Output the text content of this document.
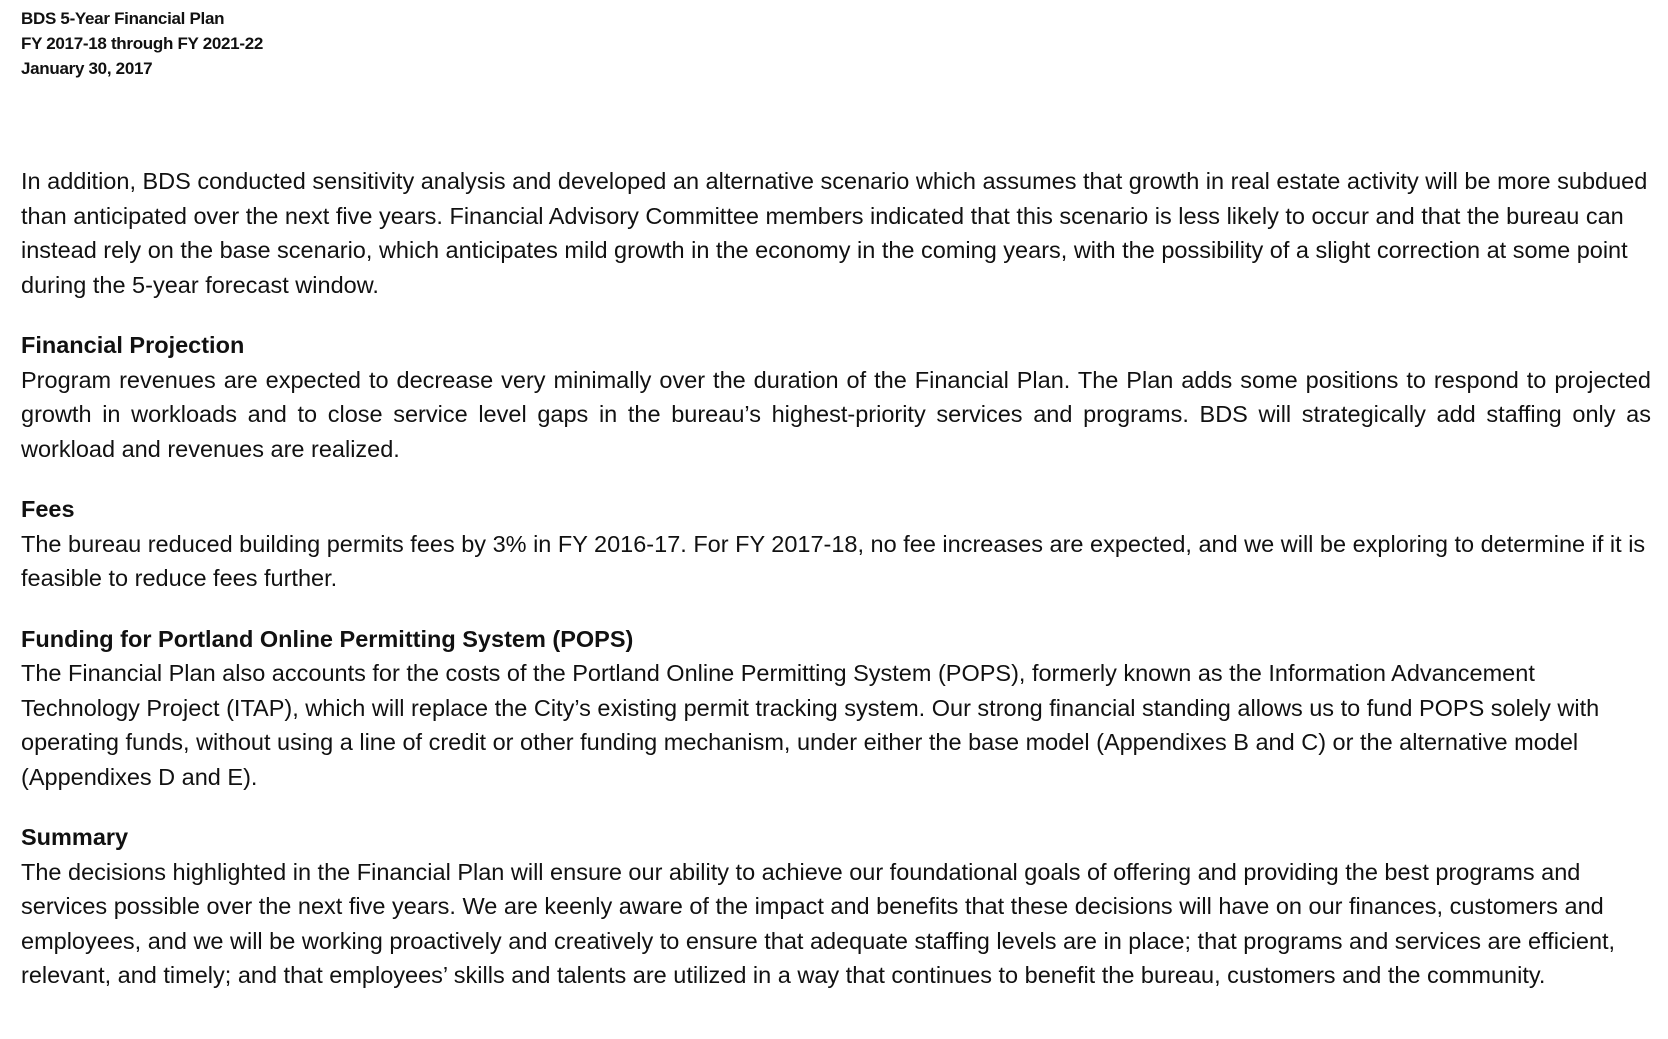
BDS 5-Year Financial Plan
FY 2017-18 through FY 2021-22
January 30, 2017

In addition, BDS conducted sensitivity analysis and developed an alternative scenario which assumes that growth in real estate activity will be more subdued than anticipated over the next five years. Financial Advisory Committee members indicated that this scenario is less likely to occur and that the bureau can instead rely on the base scenario, which anticipates mild growth in the economy in the coming years, with the possibility of a slight correction at some point during the 5-year forecast window.

Financial Projection

Program revenues are expected to decrease very minimally over the duration of the Financial Plan. The Plan adds some positions to respond to projected growth in workloads and to close service level gaps in the bureau’s highest-priority services and programs. BDS will strategically add staffing only as workload and revenues are realized.

Fees

The bureau reduced building permits fees by 3% in FY 2016-17. For FY 2017-18, no fee increases are expected, and we will be exploring to determine if it is feasible to reduce fees further.

Funding for Portland Online Permitting System (POPS)

The Financial Plan also accounts for the costs of the Portland Online Permitting System (POPS), formerly known as the Information Advancement Technology Project (ITAP), which will replace the City’s existing permit tracking system. Our strong financial standing allows us to fund POPS solely with operating funds, without using a line of credit or other funding mechanism, under either the base model (Appendixes B and C) or the alternative model (Appendixes D and E).

Summary

The decisions highlighted in the Financial Plan will ensure our ability to achieve our foundational goals of offering and providing the best programs and services possible over the next five years. We are keenly aware of the impact and benefits that these decisions will have on our finances, customers and employees, and we will be working proactively and creatively to ensure that adequate staffing levels are in place; that programs and services are efficient, relevant, and timely; and that employees’ skills and talents are utilized in a way that continues to benefit the bureau, customers and the community.
